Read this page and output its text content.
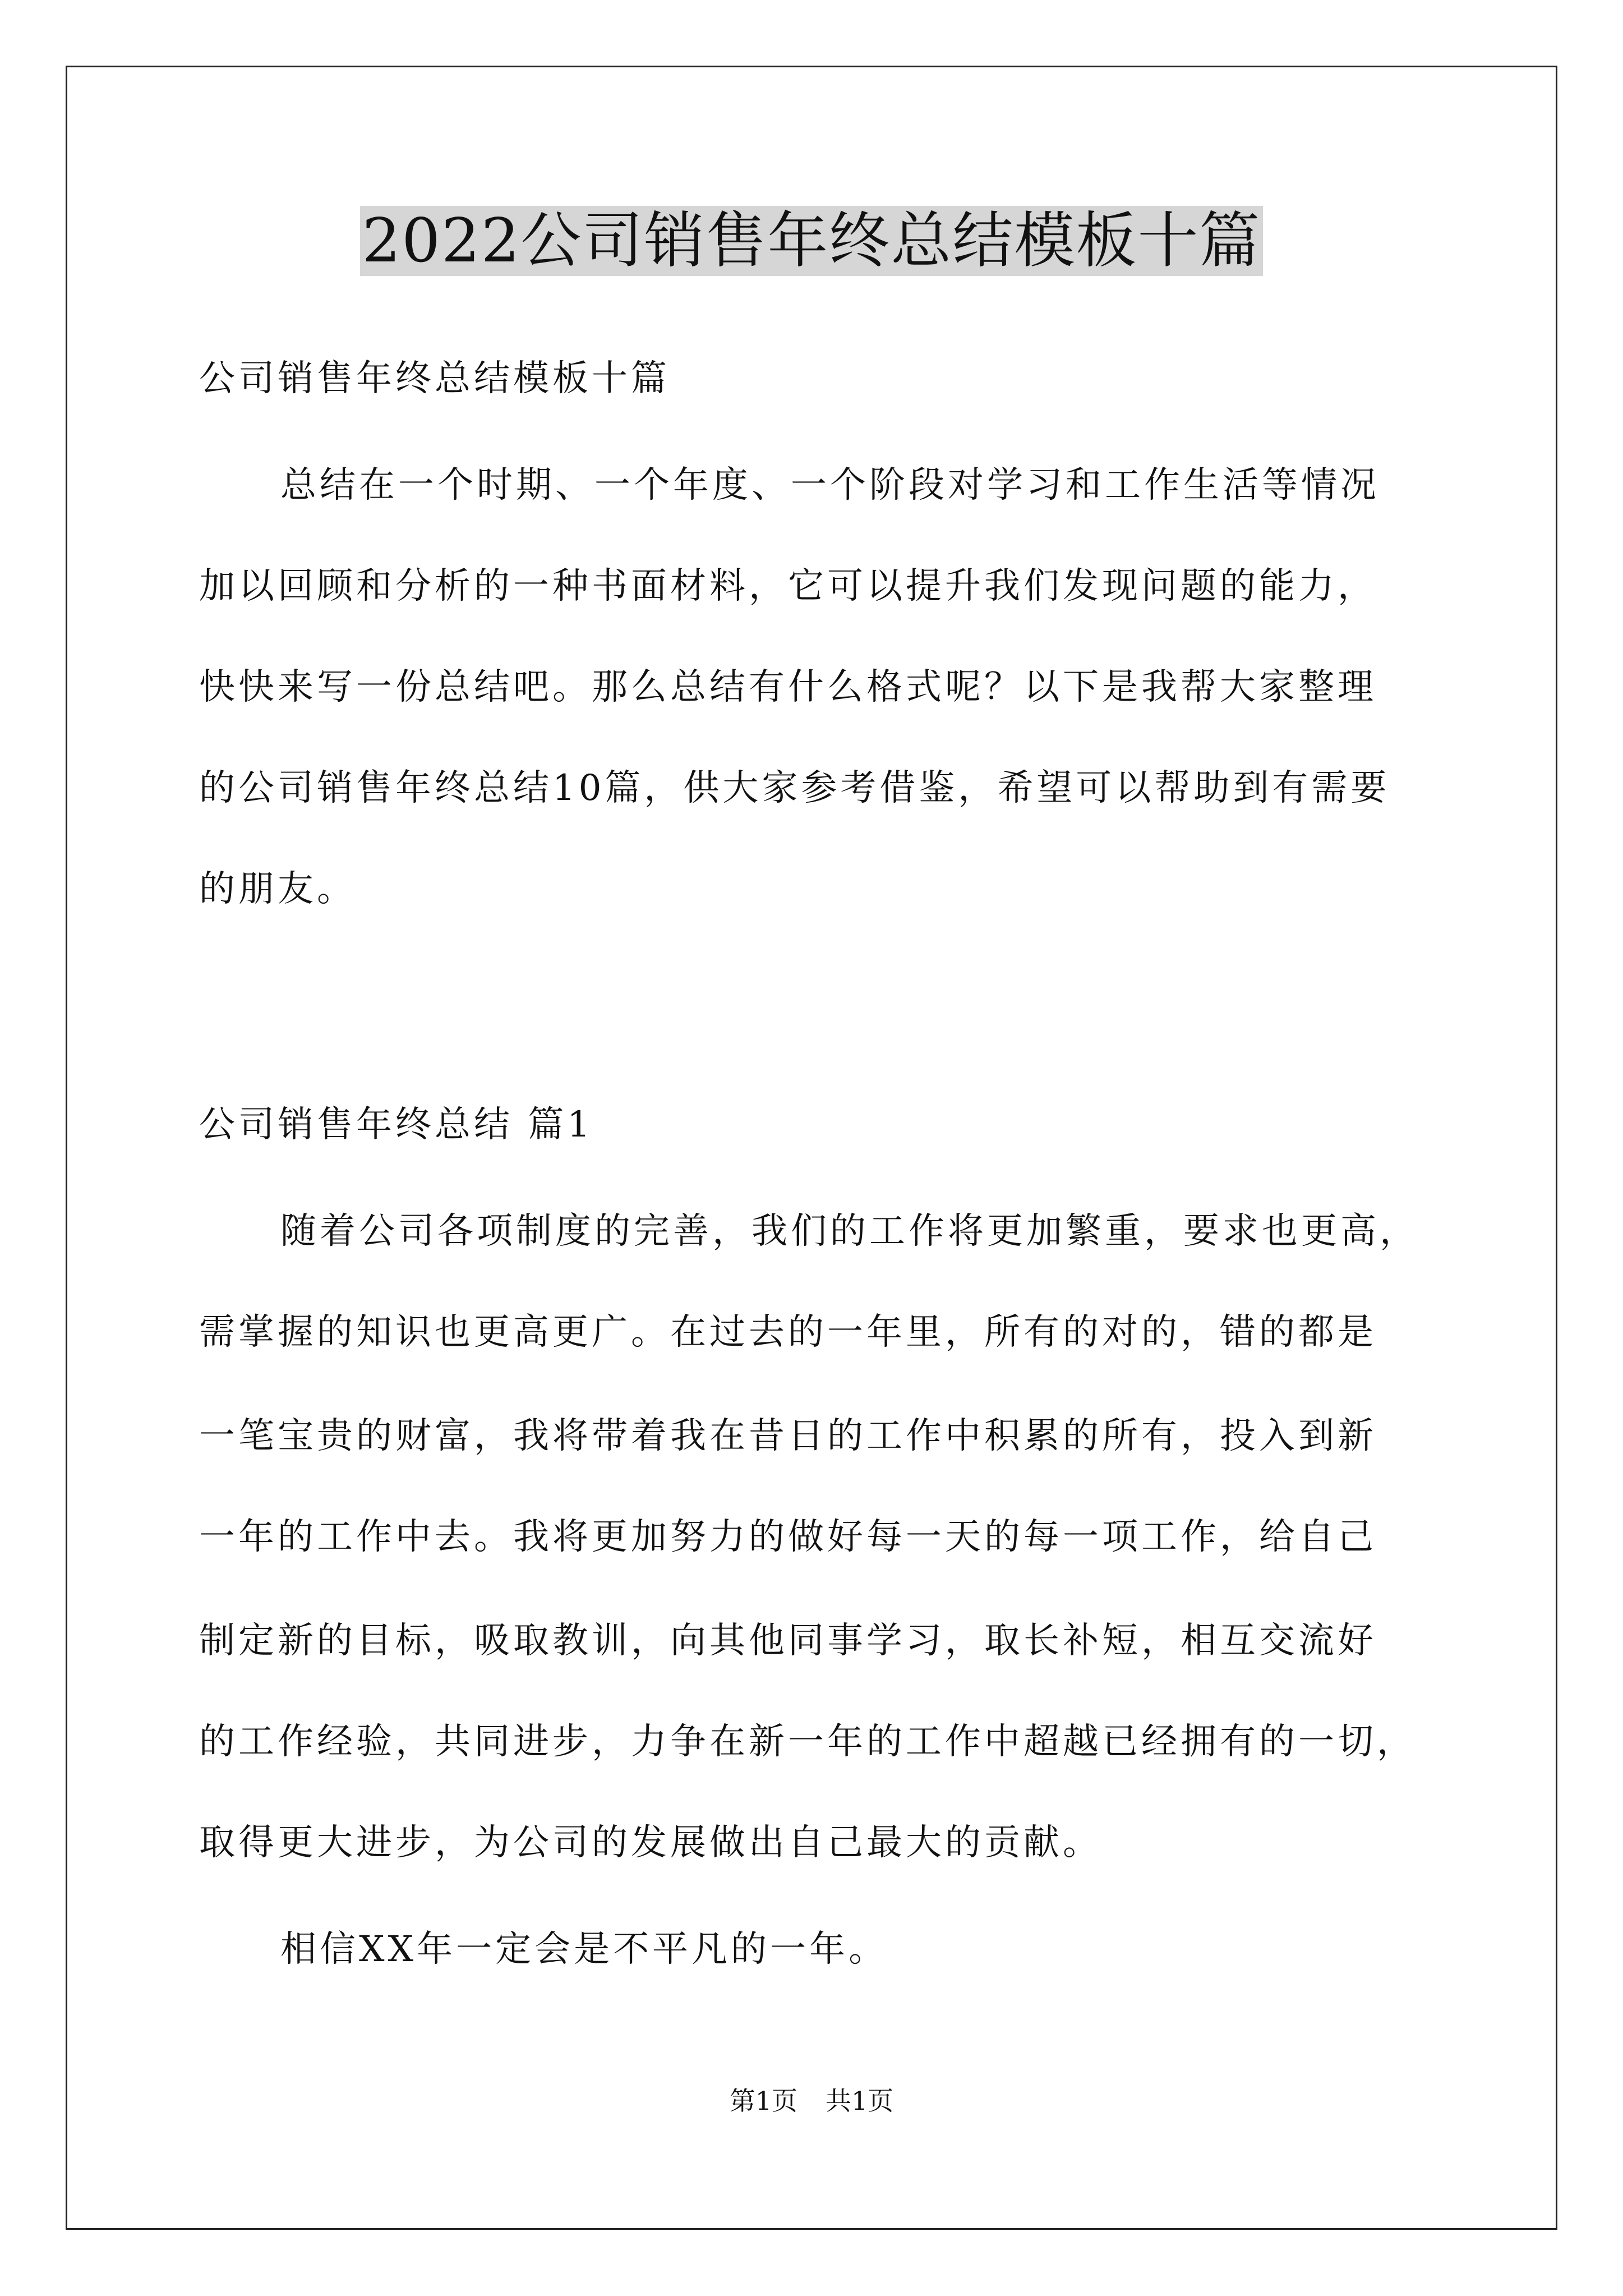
2022公司销售年终总结模板十篇
公司销售年终总结模板十篇
总结在一个时期、一个年度、一个阶段对学习和工作生活等情况
加以回顾和分析的一种书面材料，它可以提升我们发现问题的能力，
快快来写一份总结吧。那么总结有什么格式呢？以下是我帮大家整理
的公司销售年终总结10篇，供大家参考借鉴，希望可以帮助到有需要
的朋友。
公司销售年终总结 篇1
随着公司各项制度的完善，我们的工作将更加繁重，要求也更高，
需掌握的知识也更高更广。在过去的一年里，所有的对的，错的都是
一笔宝贵的财富，我将带着我在昔日的工作中积累的所有，投入到新
一年的工作中去。我将更加努力的做好每一天的每一项工作，给自己
制定新的目标，吸取教训，向其他同事学习，取长补短，相互交流好
的工作经验，共同进步，力争在新一年的工作中超越已经拥有的一切，
取得更大进步，为公司的发展做出自己最大的贡献。
相信XX年一定会是不平凡的一年。
第1页 共1页
